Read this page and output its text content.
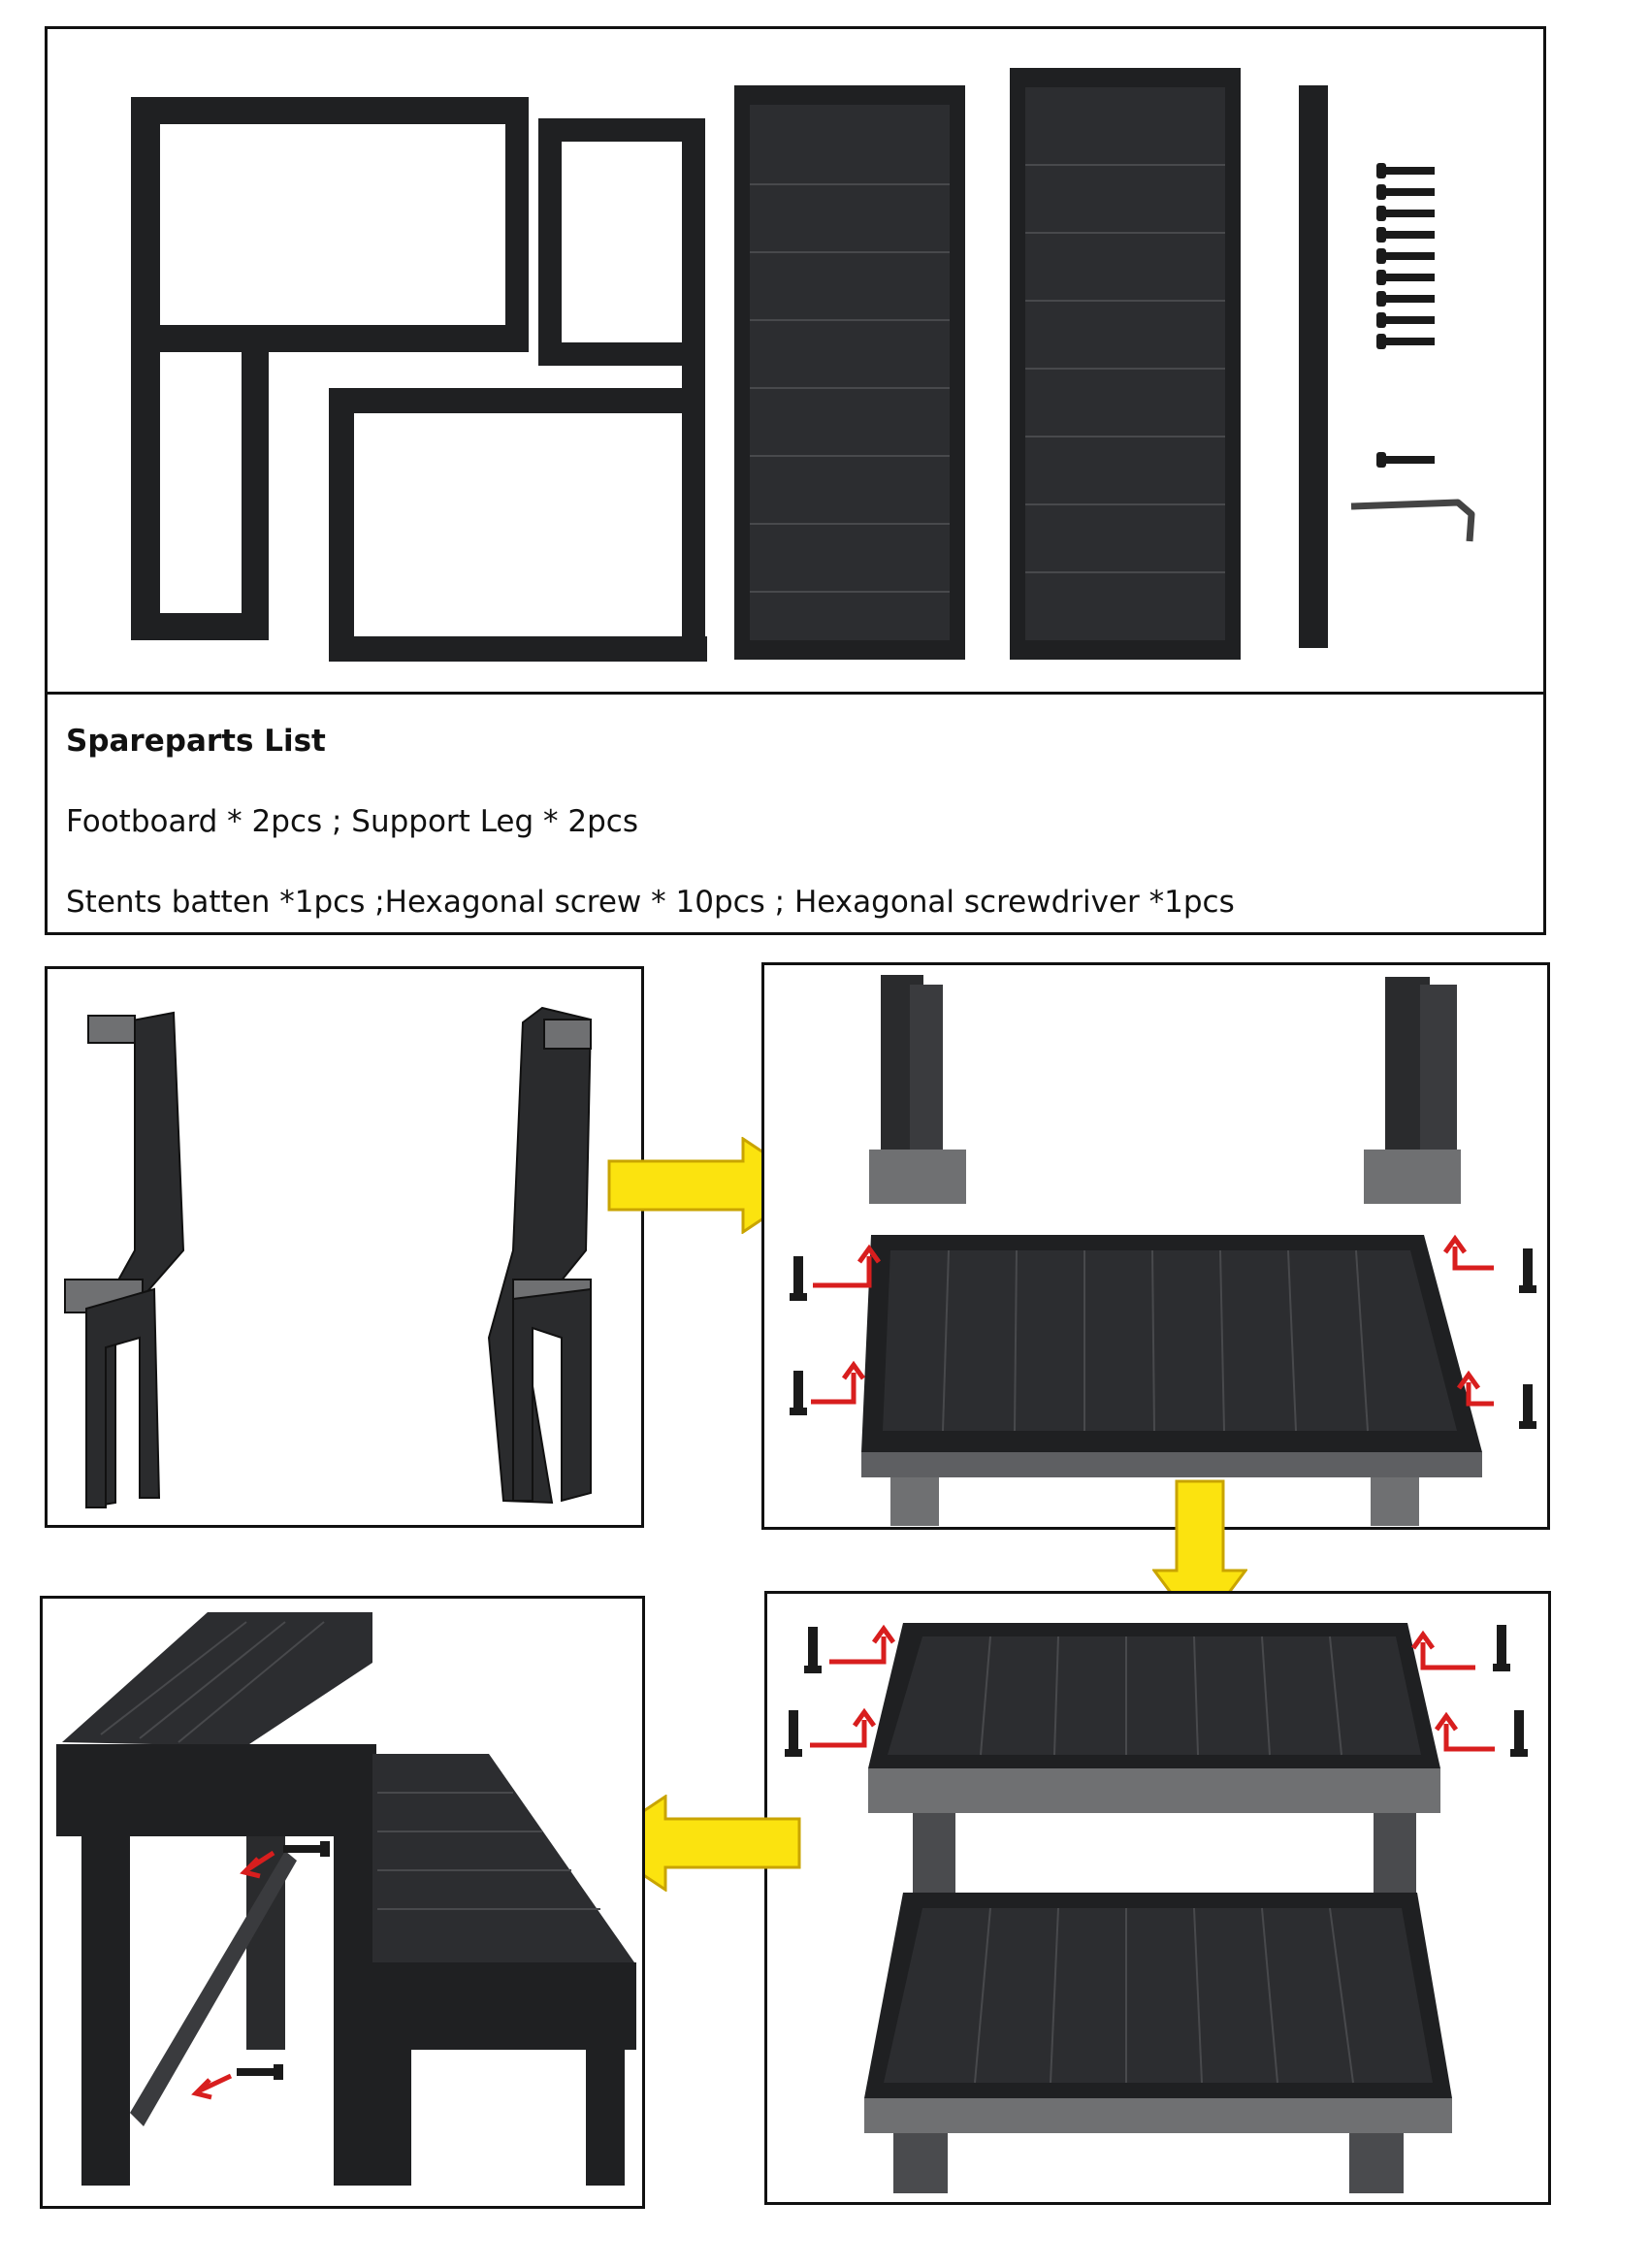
Spareparts List
Footboard * 2pcs ; Support Leg * 2pcs
Stents batten *1pcs ;Hexagonal screw * 10pcs ; Hexagonal screwdriver *1pcs
